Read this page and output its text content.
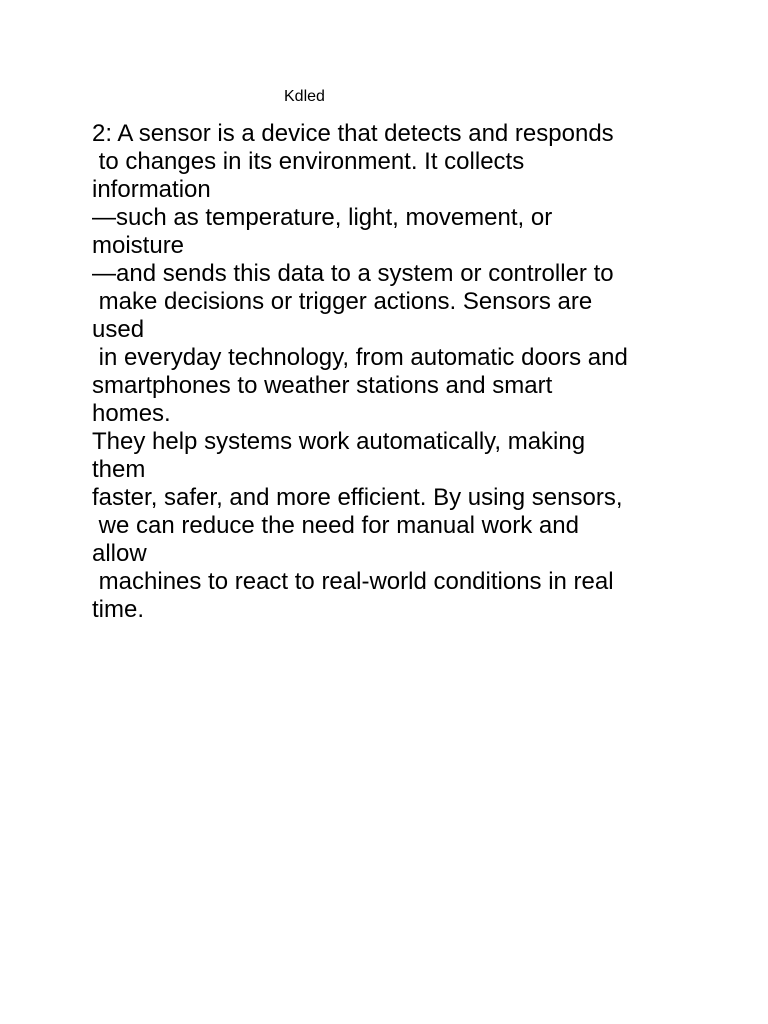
Kdled
2: A sensor is a device that detects and responds
to changes in its environment. It collects
information
—such as temperature, light, movement, or
moisture
—and sends this data to a system or controller to
make decisions or trigger actions. Sensors are
used
in everyday technology, from automatic doors and
smartphones to weather stations and smart
homes.
They help systems work automatically, making
them
faster, safer, and more efficient. By using sensors,
we can reduce the need for manual work and
allow
machines to react to real-world conditions in real
time.
